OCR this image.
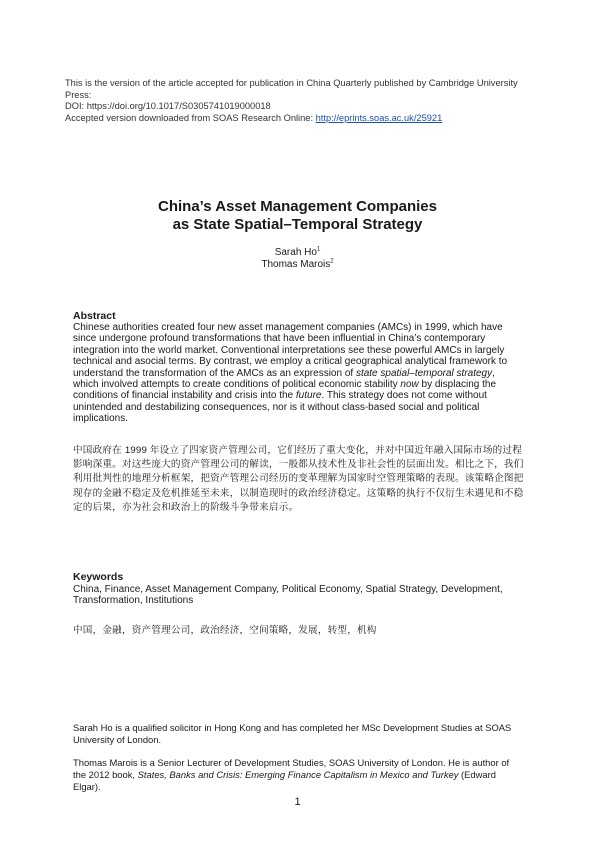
This is the version of the article accepted for publication in China Quarterly published by Cambridge University Press:

DOI: https://doi.org/10.1017/S0305741019000018

Accepted version downloaded from SOAS Research Online: http://eprints.soas.ac.uk/25921

China’s Asset Management Companies
as State Spatial–Temporal Strategy
Sarah Ho$^1$
Thomas Marois$^2$
Abstract
Chinese authorities created four new asset management companies (AMCs) in 1999, which have since undergone profound transformations that have been influential in China’s contemporary integration into the world market. Conventional interpretations see these powerful AMCs in largely technical and asocial terms. By contrast, we employ a critical geographical analytical framework to understand the transformation of the AMCs as an expression of state spatial–temporal strategy, which involved attempts to create conditions of political economic stability now by displacing the conditions of financial instability and crisis into the future. This strategy does not come without unintended and destabilizing consequences, nor is it without class-based social and political implications.
中国政府在 1999 年设立了四家资产管理公司，它们经历了重大变化，并对中国近年融入国际市场的过程影响深重。对这些庞大的资产管理公司的解读，一般都从技术性及非社会性的层面出发。相比之下，我们利用批判性的地理分析框架，把资产管理公司经历的变革理解为国家时空管理策略的表现。该策略企图把现存的金融不稳定及危机推延至未来，以制造现时的政治经济稳定。这策略的执行不仅衍生未遇见和不稳定的后果，亦为社会和政治上的阶级斗争带来启示。
Keywords
China, Finance, Asset Management Company, Political Economy, Spatial Strategy, Development, Transformation, Institutions
中国，金融，资产管理公司，政治经济，空间策略，发展，转型，机构
Sarah Ho is a qualified solicitor in Hong Kong and has completed her MSc Development Studies at SOAS University of London.
Thomas Marois is a Senior Lecturer of Development Studies, SOAS University of London. He is author of the 2012 book, States, Banks and Crisis: Emerging Finance Capitalism in Mexico and Turkey (Edward Elgar).
1
